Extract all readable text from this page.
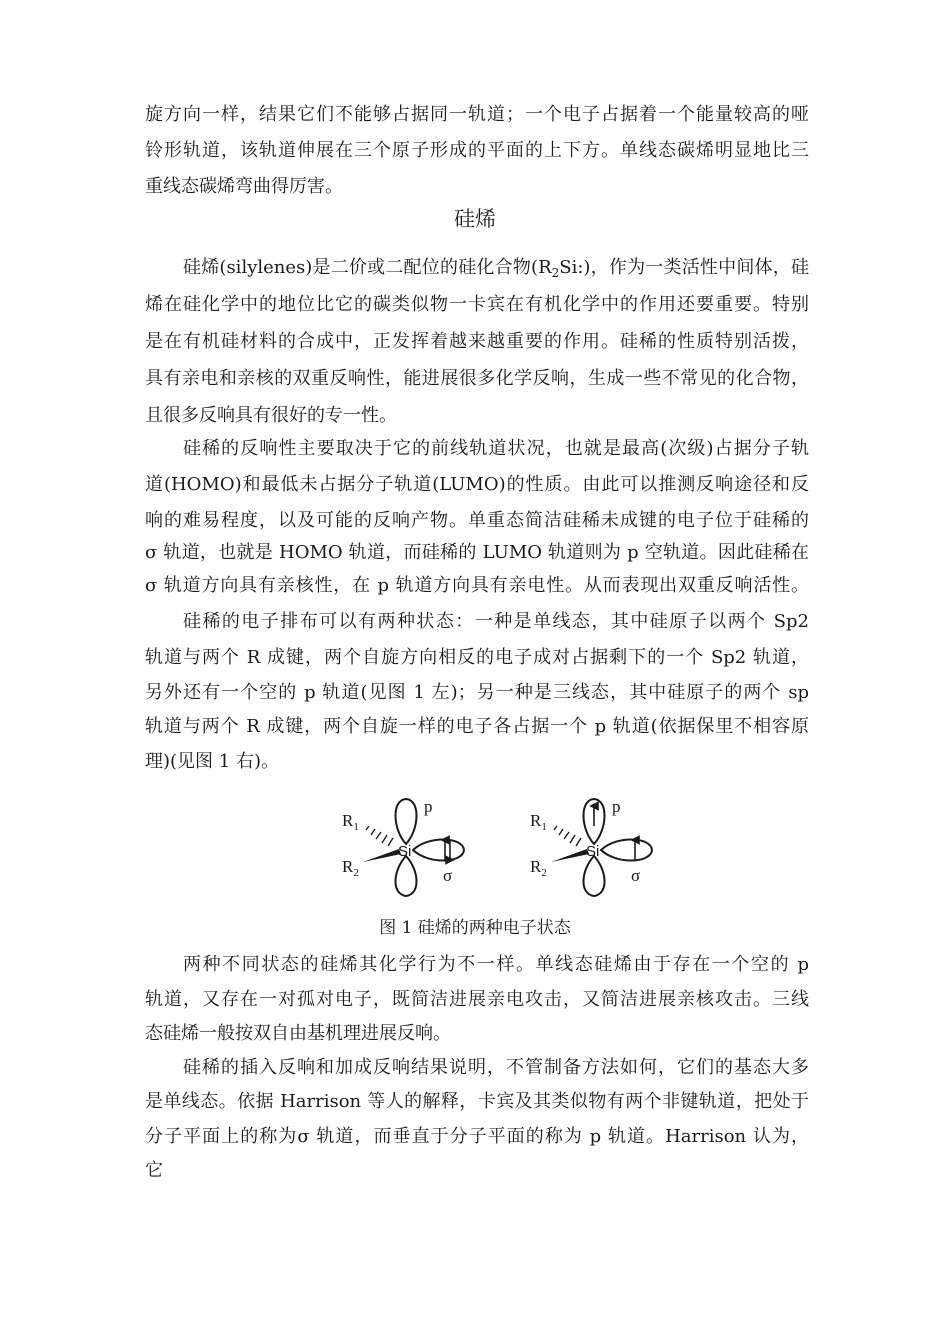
旋方向一样，结果它们不能够占据同一轨道；一个电子占据着一个能量较高的哑
铃形轨道，该轨道伸展在三个原子形成的平面的上下方。单线态碳烯明显地比三
重线态碳烯弯曲得厉害。
硅烯
硅烯(silylenes)是二价或二配位的硅化合物$(R_2Si:)$，作为一类活性中间体，硅
烯在硅化学中的地位比它的碳类似物一卡宾在有机化学中的作用还要重要。特别
是在有机硅材料的合成中，正发挥着越来越重要的作用。硅稀的性质特别活拨，
具有亲电和亲核的双重反响性，能进展很多化学反响，生成一些不常见的化合物，
且很多反响具有很好的专一性。
硅稀的反响性主要取决于它的前线轨道状况，也就是最高(次级)占据分子轨
道(HOMO)和最低未占据分子轨道(LUMO)的性质。由此可以推测反响途径和反
响的难易程度，以及可能的反响产物。单重态简洁硅稀未成键的电子位于硅稀的
σ 轨道，也就是 HOMO 轨道，而硅稀的 LUMO 轨道则为 p 空轨道。因此硅稀在
σ 轨道方向具有亲核性，在 p 轨道方向具有亲电性。从而表现出双重反响活性。
硅稀的电子排布可以有两种状态：一种是单线态，其中硅原子以两个 Sp2
轨道与两个 R 成键，两个自旋方向相反的电子成对占据剩下的一个 Sp2 轨道，
另外还有一个空的 p 轨道(见图 1 左)；另一种是三线态，其中硅原子的两个 sp
轨道与两个 R 成键，两个自旋一样的电子各占据一个 p 轨道(依据保里不相容原
理)(见图 1 右)。
$R_1$
$R_2$
Si
p
σ
$R_1$
$R_2$
Si
p
σ
图 1 硅烯的两种电子状态
两种不同状态的硅烯其化学行为不一样。单线态硅烯由于存在一个空的 p
轨道，又存在一对孤对电子，既简洁进展亲电攻击，又简洁进展亲核攻击。三线
态硅烯一般按双自由基机理进展反响。
硅稀的插入反响和加成反响结果说明，不管制备方法如何，它们的基态大多
是单线态。依据 Harrison 等人的解释，卡宾及其类似物有两个非键轨道，把处于
分子平面上的称为σ 轨道，而垂直于分子平面的称为 p 轨道。Harrison 认为，
它
